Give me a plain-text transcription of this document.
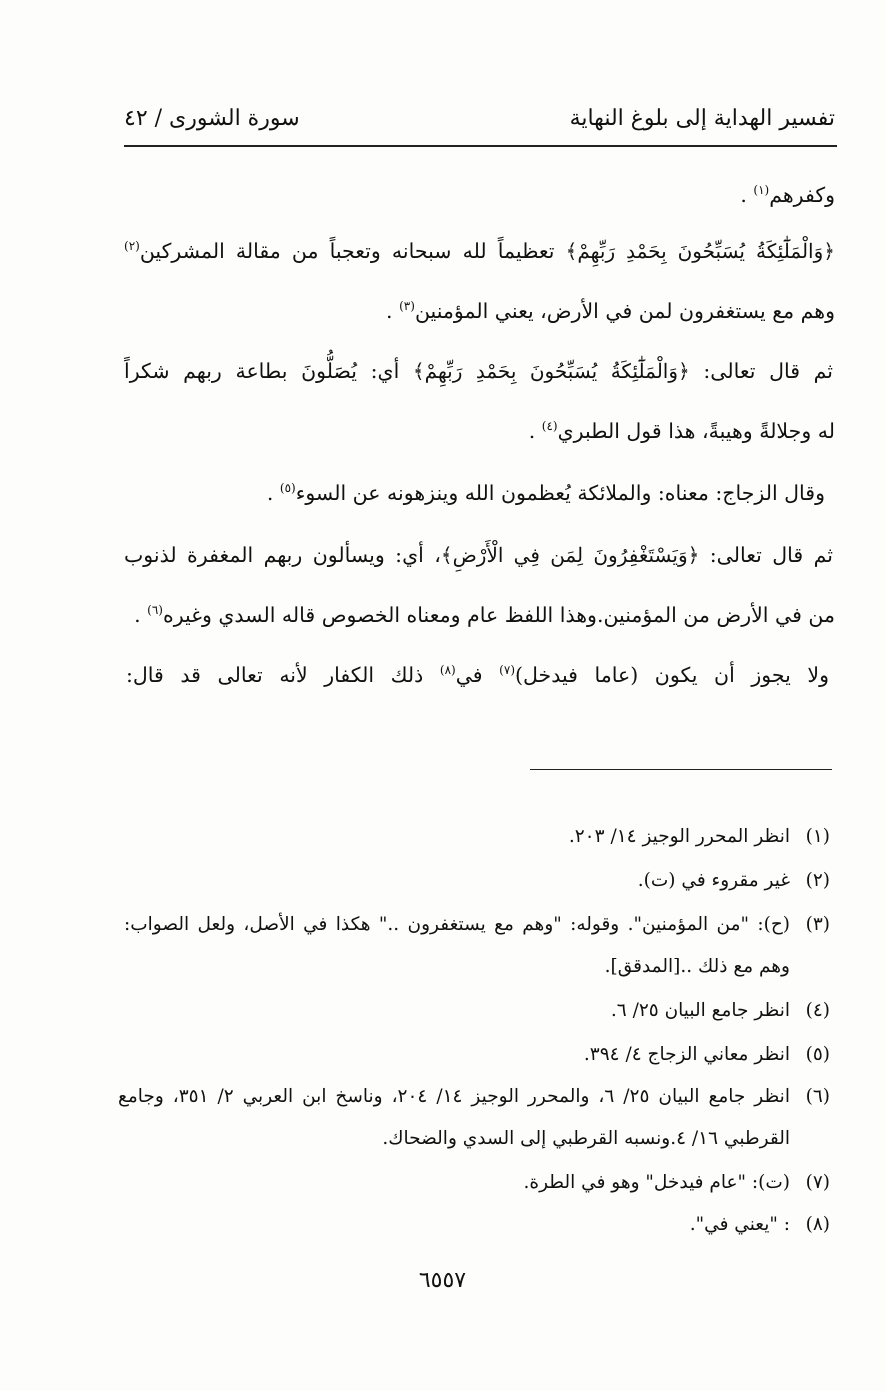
تفسير الهداية إلى بلوغ النهاية
سورة الشورى / ٤٢
وكفرهم$^{(١)}$ .
﴿وَالْمَلَٰٓئِكَةُ يُسَبِّحُونَ بِحَمْدِ رَبِّهِمْ﴾ تعظيماً لله سبحانه وتعجباً من مقالة المشركين$^{(٢)}$
وهم مع يستغفرون لمن في الأرض، يعني المؤمنين$^{(٣)}$ .
ثم قال تعالى: ﴿وَالْمَلَٰٓئِكَةُ يُسَبِّحُونَ بِحَمْدِ رَبِّهِمْ﴾ أي: يُصَلُّونَ بطاعة ربهم شكراً
له وجلالةً وهيبةً، هذا قول الطبري$^{(٤)}$ .
وقال الزجاج: معناه: والملائكة يُعظمون الله وينزهونه عن السوء$^{(٥)}$ .
ثم قال تعالى: ﴿وَيَسْتَغْفِرُونَ لِمَن فِي الْأَرْضِ﴾، أي: ويسألون ربهم المغفرة لذنوب
من في الأرض من المؤمنين.وهذا اللفظ عام ومعناه الخصوص قاله السدي وغيره$^{(٦)}$ .
ولا يجوز أن يكون (عاما فيدخل)$^{(٧)}$ في$^{(٨)}$ ذلك الكفار لأنه تعالى قد قال:
(١)
انظر المحرر الوجيز ١٤/ ٢٠٣.
(٢)
غير مقروء في (ت).
(٣)
(ح): "من المؤمنين". وقوله: "وهم مع يستغفرون .." هكذا في الأصل، ولعل الصواب:
وهم مع ذلك ..[المدقق].
(٤)
انظر جامع البيان ٢٥/ ٦.
(٥)
انظر معاني الزجاج ٤/ ٣٩٤.
(٦)
انظر جامع البيان ٢٥/ ٦، والمحرر الوجيز ١٤/ ٢٠٤، وناسخ ابن العربي ٢/ ٣٥١، وجامع
القرطبي ١٦/ ٤.ونسبه القرطبي إلى السدي والضحاك.
(٧)
(ت): "عام فيدخل" وهو في الطرة.
(٨)
: "يعني في".
٦٥٥٧
